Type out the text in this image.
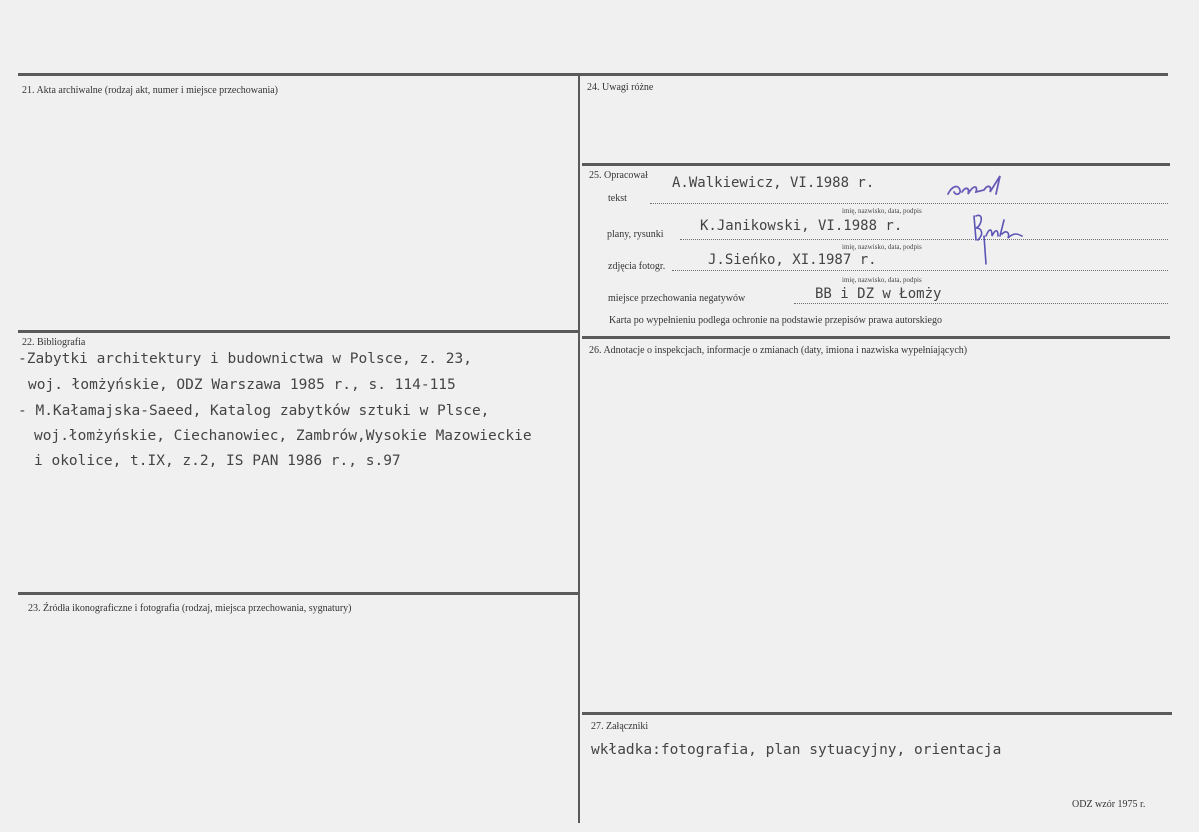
21. Akta archiwalne (rodzaj akt, numer i miejsce przechowania)
22. Bibliografia
-Zabytki architektury i budownictwa w Polsce, z. 23,
woj. łomżyńskie, ODZ Warszawa 1985 r., s. 114-115
- M.Kałamajska-Saeed, Katalog zabytków sztuki w Plsce,
woj.łomżyńskie, Ciechanowiec, Zambrów,Wysokie Mazowieckie
i okolice, t.IX, z.2, IS PAN 1986 r., s.97
23. Źródła ikonograficzne i fotografia (rodzaj, miejsca przechowania, sygnatury)
24. Uwagi różne
25. Opracował
tekst
A.Walkiewicz, VI.1988 r.
imię, nazwisko, data, podpis
plany, rysunki
K.Janikowski, VI.1988 r.
imię, nazwisko, data, podpis
zdjęcia fotogr.	J.Sieńko, XI.1987 r.
imię, nazwisko, data, podpis
miejsce przechowania negatywów	BB i DZ w Łomży
Karta po wypełnieniu podlega ochronie na podstawie przepisów prawa autorskiego
26. Adnotacje o inspekcjach, informacje o zmianach (daty, imiona i nazwiska wypełniających)
27. Załączniki
wkładka:fotografia, plan sytuacyjny, orientacja
ODZ wzór 1975 r.
